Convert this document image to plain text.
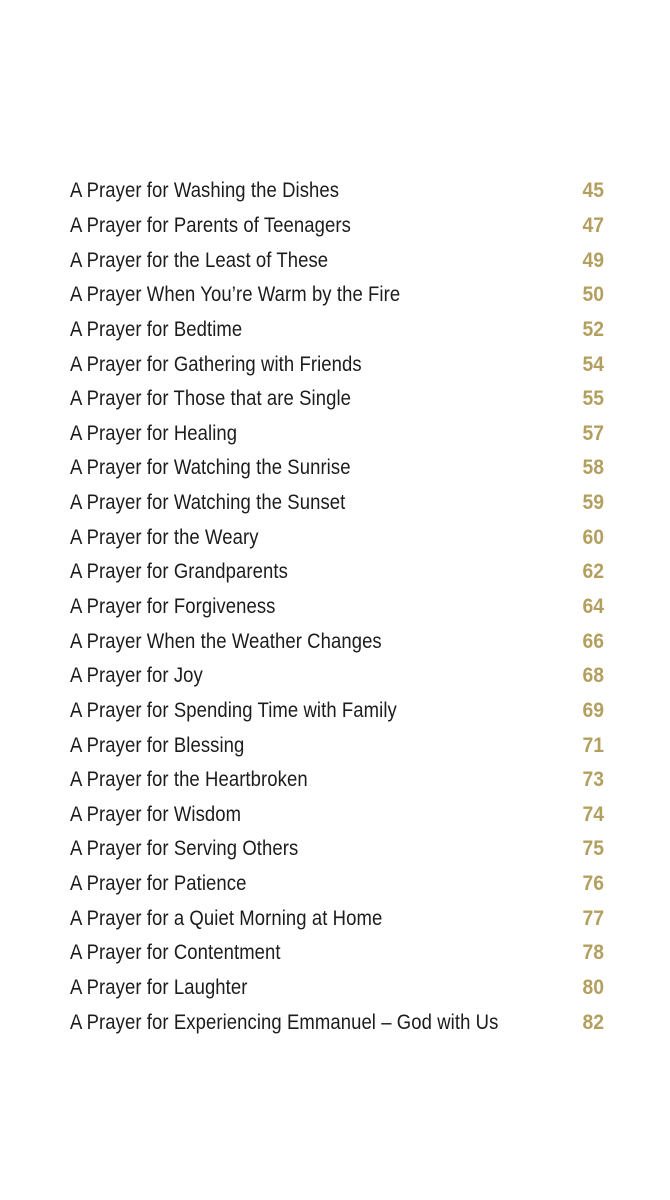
A Prayer for Washing the Dishes	45
A Prayer for Parents of Teenagers	47
A Prayer for the Least of These	49
A Prayer When You’re Warm by the Fire	50
A Prayer for Bedtime	52
A Prayer for Gathering with Friends	54
A Prayer for Those that are Single	55
A Prayer for Healing	57
A Prayer for Watching the Sunrise	58
A Prayer for Watching the Sunset	59
A Prayer for the Weary	60
A Prayer for Grandparents	62
A Prayer for Forgiveness	64
A Prayer When the Weather Changes	66
A Prayer for Joy	68
A Prayer for Spending Time with Family	69
A Prayer for Blessing	71
A Prayer for the Heartbroken	73
A Prayer for Wisdom	74
A Prayer for Serving Others	75
A Prayer for Patience	76
A Prayer for a Quiet Morning at Home	77
A Prayer for Contentment	78
A Prayer for Laughter	80
A Prayer for Experiencing Emmanuel – God with Us	82
